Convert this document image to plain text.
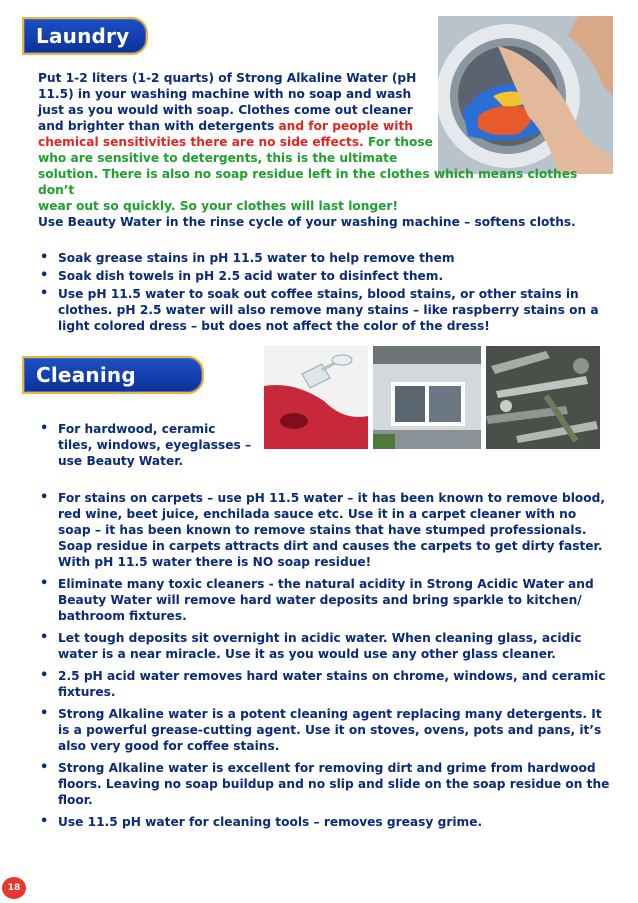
Laundry
Put 1-2 liters (1-2 quarts) of Strong Alkaline Water (pH
11.5) in your washing machine with no soap and wash
just as you would with soap. Clothes come out cleaner
and brighter than with detergents and for people with
chemical sensitivities there are no side effects. For those
who are sensitive to detergents, this is the ultimate
solution. There is also no soap residue left in the clothes which means clothes don’t
wear out so quickly. So your clothes will last longer!
Use Beauty Water in the rinse cycle of your washing machine – softens cloths.
• Soak grease stains in pH 11.5 water to help remove them
• Soak dish towels in pH 2.5 acid water to disinfect them.
• Use pH 11.5 water to soak out coffee stains, blood stains, or other stains in clothes. pH 2.5 water will also remove many stains – like raspberry stains on a light colored dress – but does not affect the color of the dress!
Cleaning
• For hardwood, ceramic tiles, windows, eyeglasses – use Beauty Water.
• For stains on carpets – use pH 11.5 water – it has been known to remove blood, red wine, beet juice, enchilada sauce etc. Use it in a carpet cleaner with no soap – it has been known to remove stains that have stumped professionals. Soap residue in carpets attracts dirt and causes the carpets to get dirty faster. With pH 11.5 water there is NO soap residue!
• Eliminate many toxic cleaners - the natural acidity in Strong Acidic Water and Beauty Water will remove hard water deposits and bring sparkle to kitchen/ bathroom fixtures.
• Let tough deposits sit overnight in acidic water. When cleaning glass, acidic water is a near miracle. Use it as you would use any other glass cleaner.
• 2.5 pH acid water removes hard water stains on chrome, windows, and ceramic fixtures.
• Strong Alkaline water is a potent cleaning agent replacing many detergents. It is a powerful grease-cutting agent. Use it on stoves, ovens, pots and pans, it’s also very good for coffee stains.
• Strong Alkaline water is excellent for removing dirt and grime from hardwood floors. Leaving no soap buildup and no slip and slide on the soap residue on the floor.
• Use 11.5 pH water for cleaning tools – removes greasy grime.
18
